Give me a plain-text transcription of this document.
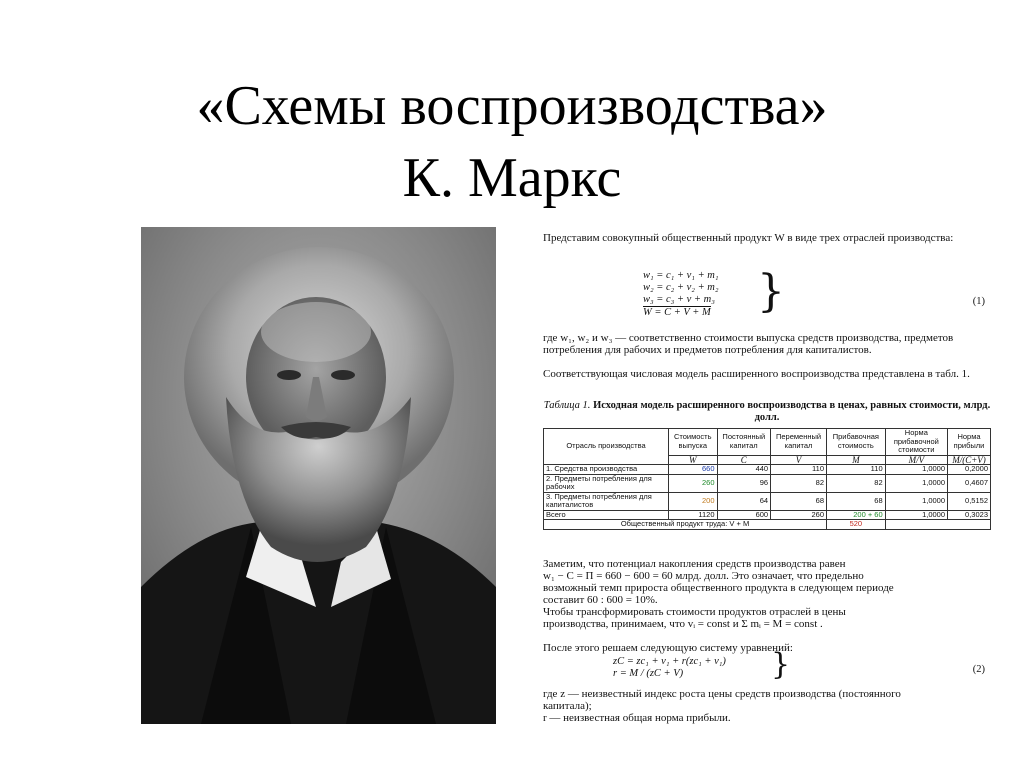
«Схемы воспроизводства»
К. Маркс

Представим совокупный общественный продукт W в виде трех отраслей производства:

w₁ = c₁ + v₁ + m₁
w₂ = c₂ + v₂ + m₂
w₃ = c₃ + v + m₃
W = C + V + M }	(1)

где w₁, w₂ и w₃ — соответственно стоимости выпуска средств производства, предметов потребления для рабочих и предметов потребления для капиталистов.

Соответствующая числовая модель расширенного воспроизводства представлена в табл. 1.

Таблица 1. Исходная модель расширенного воспроизводства в ценах, равных стоимости, млрд. долл.
Отрасль производства	Стоимость выпуска	Постоянный капитал	Переменный капитал	Прибавочная стоимость	Норма прибавочной стоимости	Норма прибыли
	W	C	V	M	M/V	M/(C+V)
1. Средства производства	660	440	110	110	1,0000	0,2000
2. Предметы потребления для рабочих	260	96	82	82	1,0000	0,4607
3. Предметы потребления для капиталистов	200	64	68	68	1,0000	0,5152
Всего	1120	600	260	200 + 60	1,0000	0,3023
Общественный продукт труда: V + M				520		
Заметим, что потенциал накопления средств производства равен
w₁ − C = П = 660 − 600 = 60 млрд. долл. Это означает, что предельно
возможный темп прироста общественного продукта в следующем периоде
составит 60 : 600 = 10%.
Чтобы трансформировать стоимости продуктов отраслей в цены
производства, принимаем, что vᵢ = const и Σ mᵢ = M = const .

После этого решаем следующую систему уравнений:

zC = zc₁ + v₁ + r(zc₁ + v₁)
r = M / (zC + V)	}	(2)
где z — неизвестный индекс роста цены средств производства (постоянного
капитала);
r — неизвестная общая норма прибыли.
